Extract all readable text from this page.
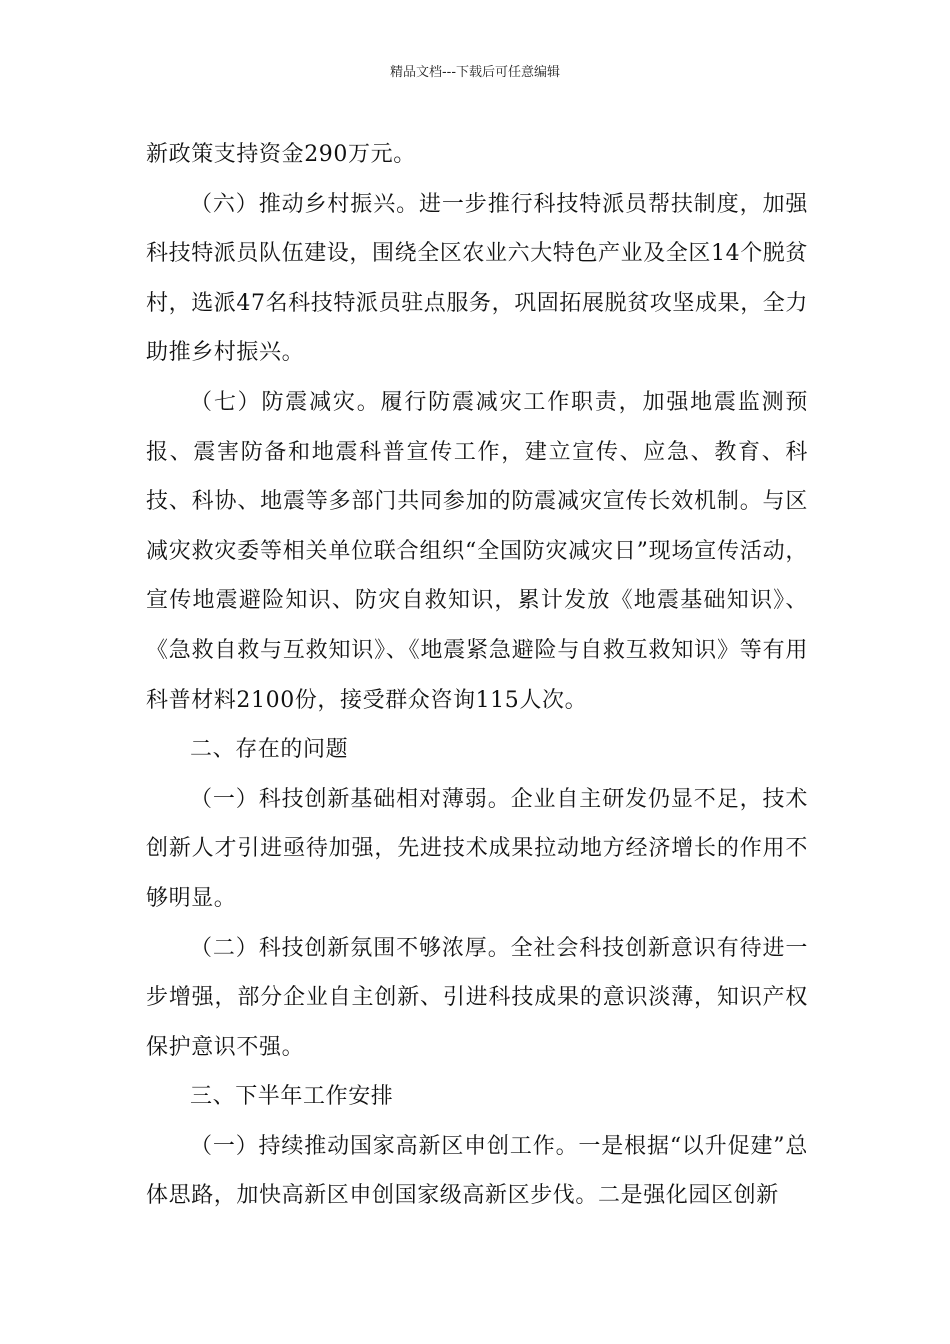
精品文档---下载后可任意编辑

新政策支持资金290万元。

（六）推动乡村振兴。进一步推行科技特派员帮扶制度，加强科技特派员队伍建设，围绕全区农业六大特色产业及全区14个脱贫村，选派47名科技特派员驻点服务，巩固拓展脱贫攻坚成果，全力助推乡村振兴。

（七）防震减灾。履行防震减灾工作职责，加强地震监测预报、震害防备和地震科普宣传工作，建立宣传、应急、教育、科技、科协、地震等多部门共同参加的防震减灾宣传长效机制。与区减灾救灾委等相关单位联合组织“全国防灾减灾日”现场宣传活动，宣传地震避险知识、防灾自救知识，累计发放《地震基础知识》、《急救自救与互救知识》、《地震紧急避险与自救互救知识》等有用科普材料2100份，接受群众咨询115人次。

二、存在的问题

（一）科技创新基础相对薄弱。企业自主研发仍显不足，技术创新人才引进亟待加强，先进技术成果拉动地方经济增长的作用不够明显。

（二）科技创新氛围不够浓厚。全社会科技创新意识有待进一步增强，部分企业自主创新、引进科技成果的意识淡薄，知识产权保护意识不强。

三、下半年工作安排

（一）持续推动国家高新区申创工作。一是根据“以升促建”总体思路，加快高新区申创国家级高新区步伐。二是强化园区创新
